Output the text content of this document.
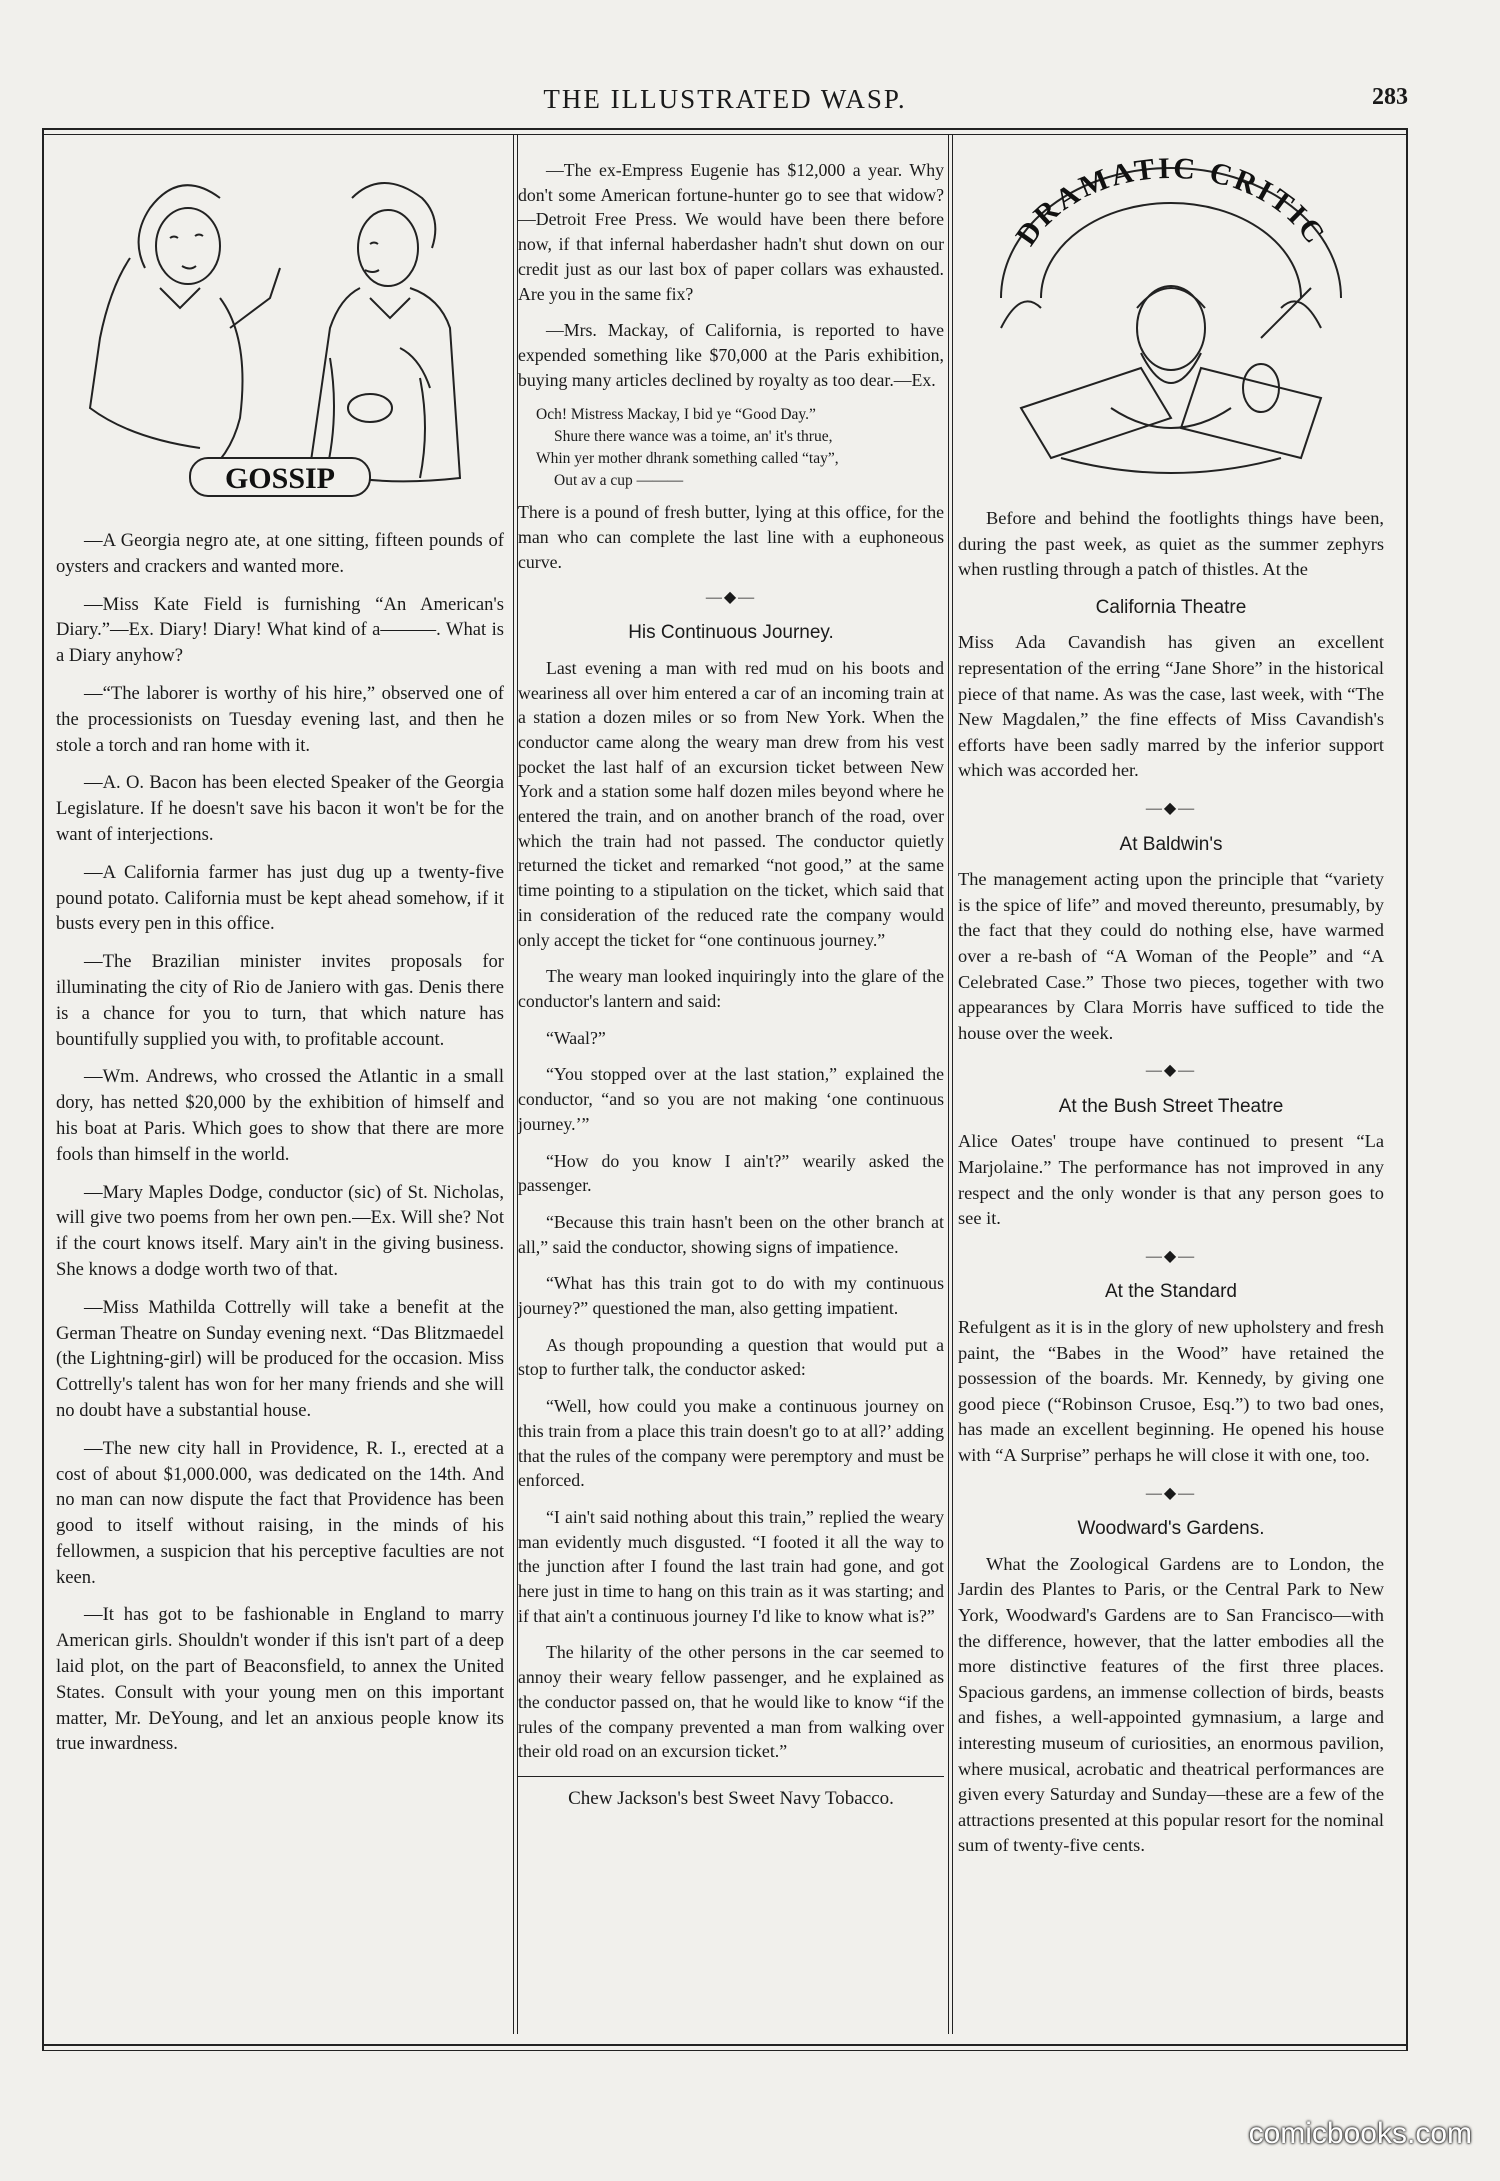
THE ILLUSTRATED WASP.	283
GOSSIP

—A Georgia negro ate, at one sitting, fifteen pounds of oysters and crackers and wanted more.

—Miss Kate Field is furnishing “An American's Diary.”—Ex. Diary! Diary! What kind of a———. What is a Diary anyhow?

—“The laborer is worthy of his hire,” observed one of the processionists on Tuesday evening last, and then he stole a torch and ran home with it.

—A. O. Bacon has been elected Speaker of the Georgia Legislature. If he doesn't save his bacon it won't be for the want of interjections.

—A California farmer has just dug up a twenty-five pound potato. California must be kept ahead somehow, if it busts every pen in this office.

—The Brazilian minister invites proposals for illuminating the city of Rio de Janiero with gas. Denis there is a chance for you to turn, that which nature has bountifully supplied you with, to profitable account.

—Wm. Andrews, who crossed the Atlantic in a small dory, has netted $20,000 by the exhibition of himself and his boat at Paris. Which goes to show that there are more fools than himself in the world.

—Mary Maples Dodge, conductor (sic) of St. Nicholas, will give two poems from her own pen.—Ex. Will she? Not if the court knows itself. Mary ain't in the giving business. She knows a dodge worth two of that.

—Miss Mathilda Cottrelly will take a benefit at the German Theatre on Sunday evening next. “Das Blitzmaedel (the Lightning-girl) will be produced for the occasion. Miss Cottrelly's talent has won for her many friends and she will no doubt have a substantial house.

—The new city hall in Providence, R. I., erected at a cost of about $1,000.000, was dedicated on the 14th. And no man can now dispute the fact that Providence has been good to itself without raising, in the minds of his fellowmen, a suspicion that his perceptive faculties are not keen.

—It has got to be fashionable in England to marry American girls. Shouldn't wonder if this isn't part of a deep laid plot, on the part of Beaconsfield, to annex the United States. Consult with your young men on this important matter, Mr. DeYoung, and let an anxious people know its true inwardness.

—The ex-Empress Eugenie has $12,000 a year. Why don't some American fortune-hunter go to see that widow?—Detroit Free Press. We would have been there before now, if that infernal haberdasher hadn't shut down on our credit just as our last box of paper collars was exhausted. Are you in the same fix?

—Mrs. Mackay, of California, is reported to have expended something like $70,000 at the Paris exhibition, buying many articles declined by royalty as too dear.—Ex.

Och! Mistress Mackay, I bid ye “Good Day.”
Shure there wance was a toime, an' it's thrue,
Whin yer mother dhrank something called “tay”,
Out av a cup ———

There is a pound of fresh butter, lying at this office, for the man who can complete the last line with a euphoneous curve.

—◆—
His Continuous Journey.

Last evening a man with red mud on his boots and weariness all over him entered a car of an incoming train at a station a dozen miles or so from New York. When the conductor came along the weary man drew from his vest pocket the last half of an excursion ticket between New York and a station some half dozen miles beyond where he entered the train, and on another branch of the road, over which the train had not passed. The conductor quietly returned the ticket and remarked “not good,” at the same time pointing to a stipulation on the ticket, which said that in consideration of the reduced rate the company would only accept the ticket for “one continuous journey.”

The weary man looked inquiringly into the glare of the conductor's lantern and said:

“Waal?”

“You stopped over at the last station,” explained the conductor, “and so you are not making ‘one continuous journey.’”

“How do you know I ain't?” wearily asked the passenger.

“Because this train hasn't been on the other branch at all,” said the conductor, showing signs of impatience.

“What has this train got to do with my continuous journey?” questioned the man, also getting impatient.

As though propounding a question that would put a stop to further talk, the conductor asked:

“Well, how could you make a continuous journey on this train from a place this train doesn't go to at all?’ adding that the rules of the company were peremptory and must be enforced.

“I ain't said nothing about this train,” replied the weary man evidently much disgusted. “I footed it all the way to the junction after I found the last train had gone, and got here just in time to hang on this train as it was starting; and if that ain't a continuous journey I'd like to know what is?”

The hilarity of the other persons in the car seemed to annoy their weary fellow passenger, and he explained as the conductor passed on, that he would like to know “if the rules of the company prevented a man from walking over their old road on an excursion ticket.”

Chew Jackson's best Sweet Navy Tobacco.
DRAMATIC CRITIC

Before and behind the footlights things have been, during the past week, as quiet as the summer zephyrs when rustling through a patch of thistles. At the

California Theatre

Miss Ada Cavandish has given an excellent representation of the erring “Jane Shore” in the historical piece of that name. As was the case, last week, with “The New Magdalen,” the fine effects of Miss Cavandish's efforts have been sadly marred by the inferior support which was accorded her.

—◆—
At Baldwin's

The management acting upon the principle that “variety is the spice of life” and moved thereunto, presumably, by the fact that they could do nothing else, have warmed over a re-bash of “A Woman of the People” and “A Celebrated Case.” Those two pieces, together with two appearances by Clara Morris have sufficed to tide the house over the week.

—◆—
At the Bush Street Theatre

Alice Oates' troupe have continued to present “La Marjolaine.” The performance has not improved in any respect and the only wonder is that any person goes to see it.

—◆—
At the Standard

Refulgent as it is in the glory of new upholstery and fresh paint, the “Babes in the Wood” have retained the possession of the boards. Mr. Kennedy, by giving one good piece (“Robinson Crusoe, Esq.”) to two bad ones, has made an excellent beginning. He opened his house with “A Surprise” perhaps he will close it with one, too.

—◆—
Woodward's Gardens.

What the Zoological Gardens are to London, the Jardin des Plantes to Paris, or the Central Park to New York, Woodward's Gardens are to San Francisco—with the difference, however, that the latter embodies all the more distinctive features of the first three places. Spacious gardens, an immense collection of birds, beasts and fishes, a well-appointed gymnasium, a large and interesting museum of curiosities, an enormous pavilion, where musical, acrobatic and theatrical performances are given every Saturday and Sunday—these are a few of the attractions presented at this popular resort for the nominal sum of twenty-five cents.

comicbooks.com
